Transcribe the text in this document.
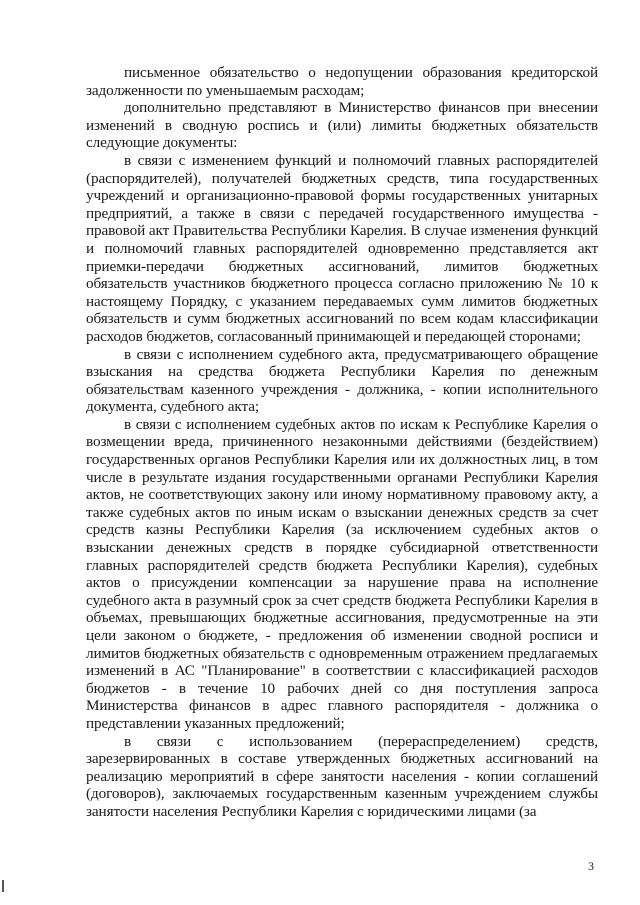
письменное обязательство о недопущении образования кредиторской задолженности по уменьшаемым расходам;

дополнительно представляют в Министерство финансов при внесении изменений в сводную роспись и (или) лимиты бюджетных обязательств следующие документы:

в связи с изменением функций и полномочий главных распорядителей (распорядителей), получателей бюджетных средств, типа государственных учреждений и организационно-правовой формы государственных унитарных предприятий, а также в связи с передачей государственного имущества - правовой акт Правительства Республики Карелия. В случае изменения функций и полномочий главных распорядителей одновременно представляется акт приемки-передачи бюджетных ассигнований, лимитов бюджетных обязательств участников бюджетного процесса согласно приложению № 10 к настоящему Порядку, с указанием передаваемых сумм лимитов бюджетных обязательств и сумм бюджетных ассигнований по всем кодам классификации расходов бюджетов, согласованный принимающей и передающей сторонами;

в связи с исполнением судебного акта, предусматривающего обращение взыскания на средства бюджета Республики Карелия по денежным обязательствам казенного учреждения - должника, - копии исполнительного документа, судебного акта;

в связи с исполнением судебных актов по искам к Республике Карелия о возмещении вреда, причиненного незаконными действиями (бездействием) государственных органов Республики Карелия или их должностных лиц, в том числе в результате издания государственными органами Республики Карелия актов, не соответствующих закону или иному нормативному правовому акту, а также судебных актов по иным искам о взыскании денежных средств за счет средств казны Республики Карелия (за исключением судебных актов о взыскании денежных средств в порядке субсидиарной ответственности главных распорядителей средств бюджета Республики Карелия), судебных актов о присуждении компенсации за нарушение права на исполнение судебного акта в разумный срок за счет средств бюджета Республики Карелия в объемах, превышающих бюджетные ассигнования, предусмотренные на эти цели законом о бюджете, - предложения об изменении сводной росписи и лимитов бюджетных обязательств с одновременным отражением предлагаемых изменений в АС "Планирование" в соответствии с классификацией расходов бюджетов - в течение 10 рабочих дней со дня поступления запроса Министерства финансов в адрес главного распорядителя - должника о представлении указанных предложений;

в связи с использованием (перераспределением) средств, зарезервированных в составе утвержденных бюджетных ассигнований на реализацию мероприятий в сфере занятости населения - копии соглашений (договоров), заключаемых государственным казенным учреждением службы занятости населения Республики Карелия с юридическими лицами (за

3
